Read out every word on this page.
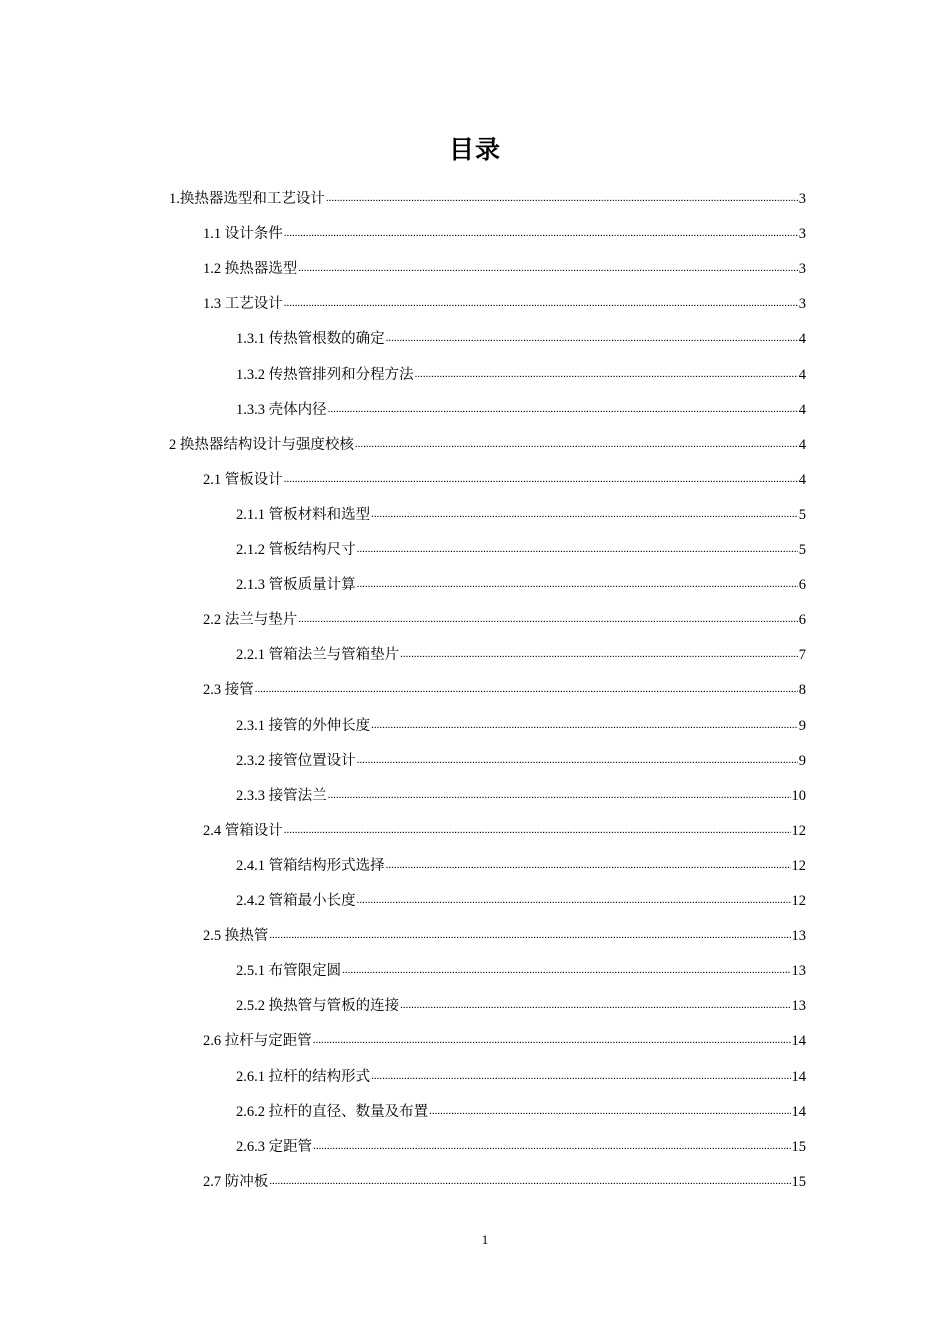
目录
1.换热器选型和工艺设计 .....	3
1.1 设计条件 .....	3
1.2 换热器选型 .....	3
1.3 工艺设计 .....	3
1.3.1 传热管根数的确定 .....	4
1.3.2 传热管排列和分程方法 .....	4
1.3.3 壳体内径 .....	4
2 换热器结构设计与强度校核 .....	4
2.1 管板设计 .....	4
2.1.1 管板材料和选型 .....	5
2.1.2 管板结构尺寸 .....	5
2.1.3 管板质量计算 .....	6
2.2 法兰与垫片 .....	6
2.2.1 管箱法兰与管箱垫片 .....	7
2.3 接管 .....	8
2.3.1 接管的外伸长度 .....	9
2.3.2 接管位置设计 .....	9
2.3.3 接管法兰 .....	10
2.4 管箱设计 .....	12
2.4.1 管箱结构形式选择 .....	12
2.4.2 管箱最小长度 .....	12
2.5 换热管 .....	13
2.5.1 布管限定圆 .....	13
2.5.2 换热管与管板的连接 .....	13
2.6 拉杆与定距管 .....	14
2.6.1 拉杆的结构形式 .....	14
2.6.2 拉杆的直径、数量及布置 .....	14
2.6.3 定距管 .....	15
2.7 防冲板 .....	15
1
